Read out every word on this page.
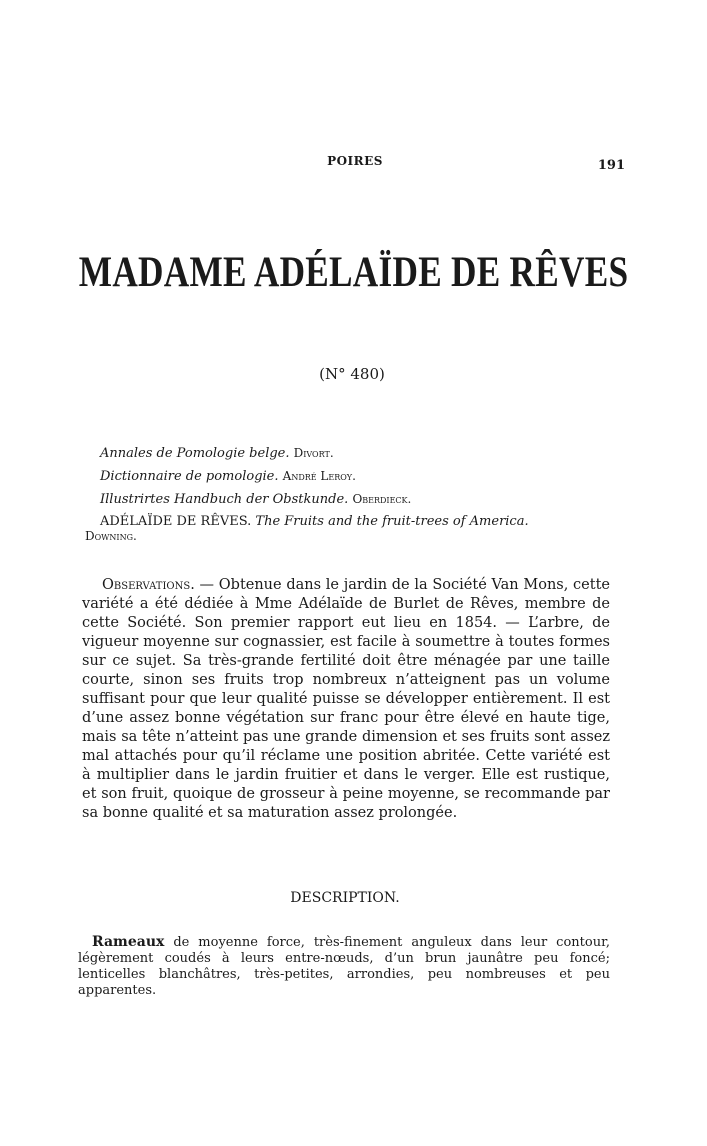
POIRES	191
MADAME ADÉLAÏDE DE RÊVES
(N° 480)
Annales de Pomologie belge. Divort.
Dictionnaire de pomologie. André Leroy.
Illustrirtes Handbuch der Obstkunde. Oberdieck.
ADÉLAÏDE DE RÊVES. The Fruits and the fruit-trees of America.
Downing.
Observations. — Obtenue dans le jardin de la Société Van Mons, cette variété a été dédiée à Mme Adélaïde de Burlet de Rêves, membre de cette Société. Son premier rapport eut lieu en 1854. — L’arbre, de vigueur moyenne sur cognassier, est facile à soumettre à toutes formes sur ce sujet. Sa très-grande fertilité doit être ménagée par une taille courte, sinon ses fruits trop nombreux n’atteignent pas un volume suffisant pour que leur qualité puisse se développer entièrement. Il est d’une assez bonne végétation sur franc pour être élevé en haute tige, mais sa tête n’atteint pas une grande dimension et ses fruits sont assez mal attachés pour qu’il réclame une position abritée. Cette variété est à multiplier dans le jardin fruitier et dans le verger. Elle est rustique, et son fruit, quoique de grosseur à peine moyenne, se recommande par sa bonne qualité et sa maturation assez prolongée.
DESCRIPTION.
Rameaux de moyenne force, très-finement anguleux dans leur contour, légèrement coudés à leurs entre-nœuds, d’un brun jaunâtre peu foncé; lenticelles blanchâtres, très-petites, arrondies, peu nombreuses et peu apparentes.
